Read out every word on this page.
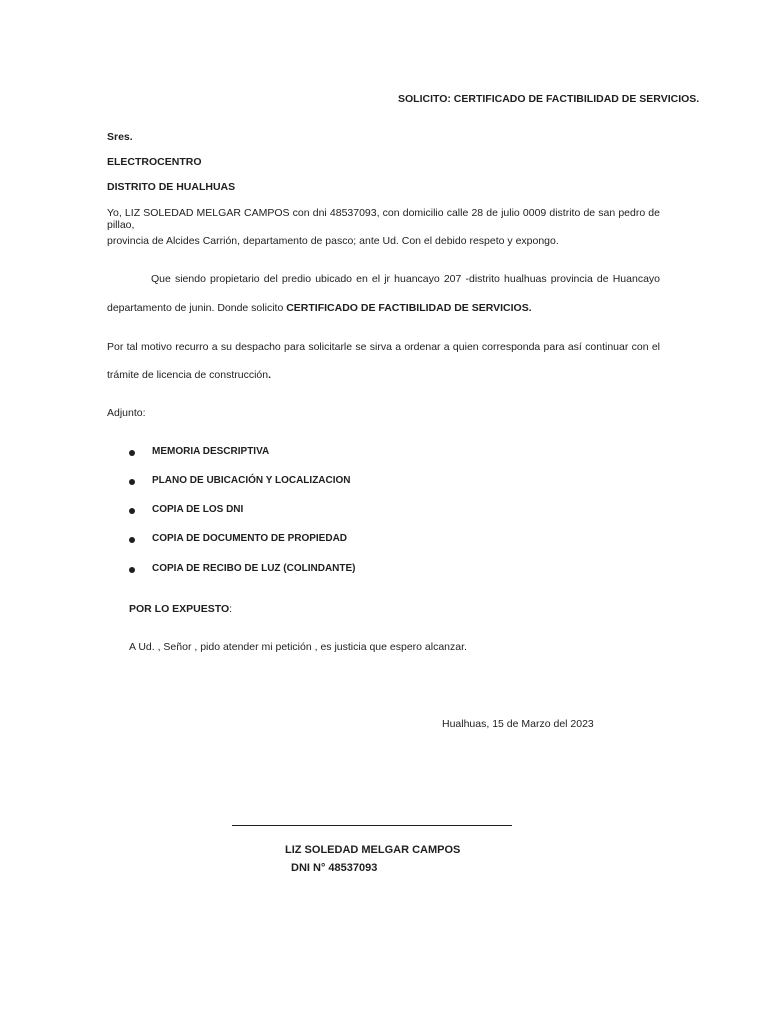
SOLICITO: CERTIFICADO DE FACTIBILIDAD DE SERVICIOS.
Sres.
ELECTROCENTRO
DISTRITO DE HUALHUAS
Yo, LIZ SOLEDAD MELGAR CAMPOS con dni 48537093, con domicilio calle 28 de julio 0009 distrito de san pedro de pillao,
provincia de Alcides Carrión, departamento de pasco; ante Ud. Con el debido respeto y expongo.
Que siendo propietario del predio ubicado en el jr huancayo 207 -distrito hualhuas provincia de Huancayo
departamento de junin. Donde solicito CERTIFICADO DE FACTIBILIDAD DE SERVICIOS.
Por tal motivo recurro a su despacho para solicitarle se sirva a ordenar a quien corresponda para así continuar con el
trámite de licencia de construcción.
Adjunto:
MEMORIA DESCRIPTIVA
PLANO DE UBICACIÓN Y LOCALIZACION
COPIA DE LOS DNI
COPIA DE DOCUMENTO DE PROPIEDAD
COPIA DE RECIBO DE LUZ (COLINDANTE)
POR LO EXPUESTO:
A Ud. , Señor , pido atender mi petición , es justicia que espero alcanzar.
Hualhuas, 15 de Marzo del 2023
LIZ SOLEDAD MELGAR CAMPOS
DNI N° 48537093
